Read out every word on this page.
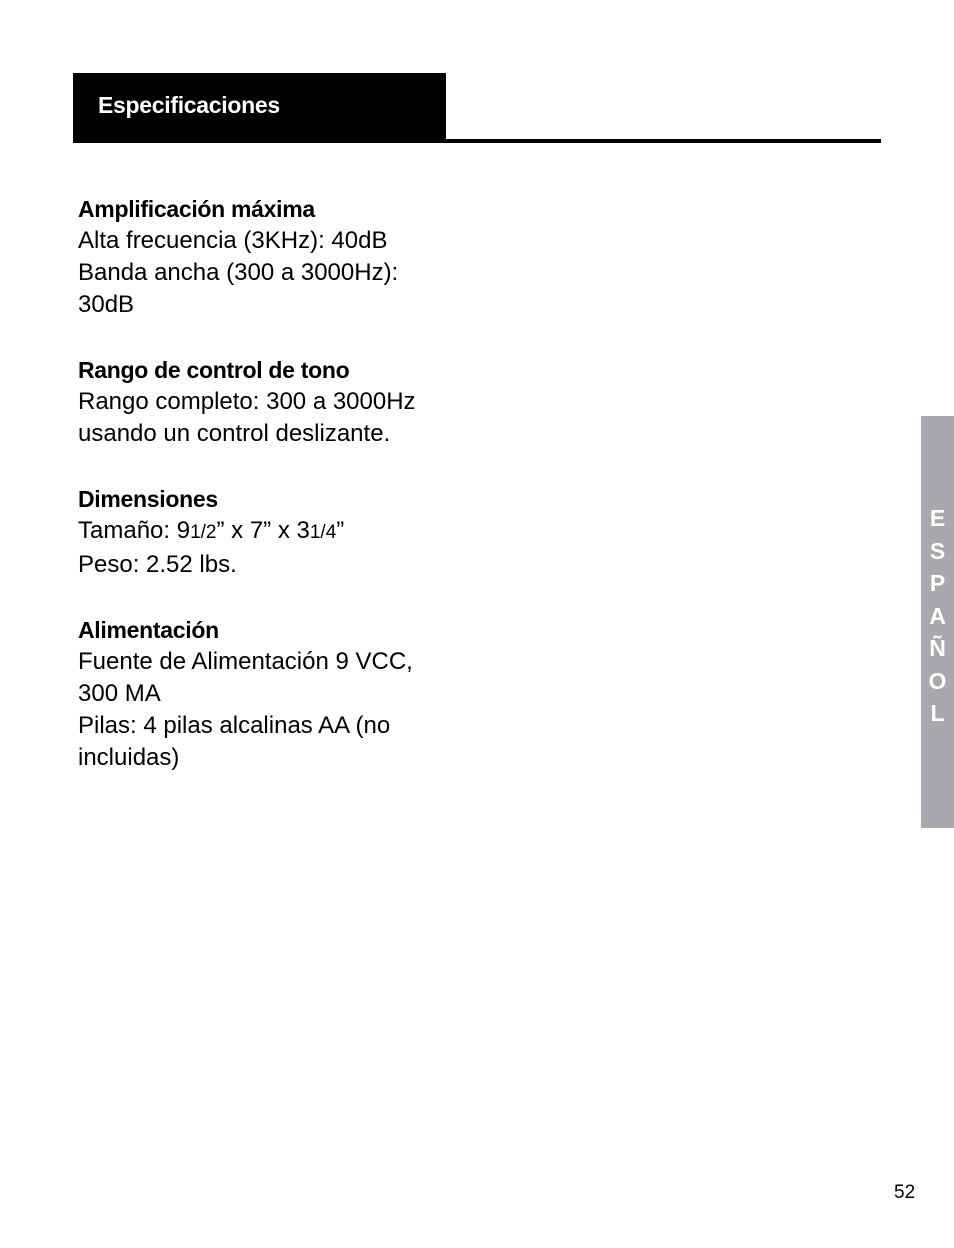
Especificaciones
Amplificación máxima
Alta frecuencia (3KHz): 40dB
Banda ancha (300 a 3000Hz):
30dB
Rango de control de tono
Rango completo: 300 a 3000Hz
usando un control deslizante.
Dimensiones
Tamaño: 91/2” x 7” x 31/4”
Peso: 2.52 lbs.
Alimentación
Fuente de Alimentación 9 VCC,
300 MA
Pilas: 4 pilas alcalinas AA (no
incluidas)
E
S
P
A
Ñ
O
L
52
